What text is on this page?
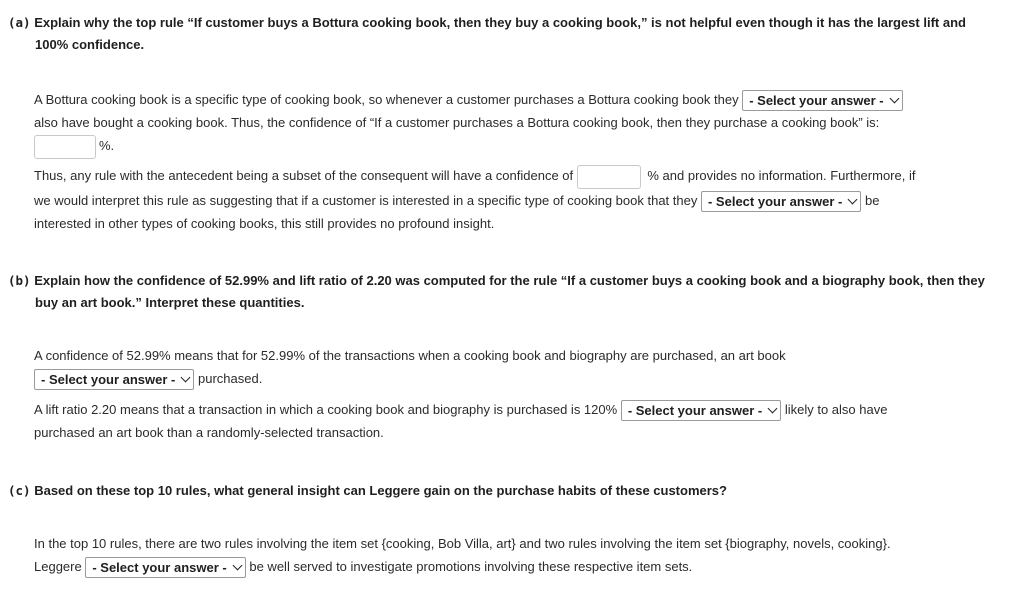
(a) Explain why the top rule “If customer buys a Bottura cooking book, then they buy a cooking book,” is not helpful even though it has the largest lift and
100% confidence.
A Bottura cooking book is a specific type of cooking book, so whenever a customer purchases a Bottura cooking book they - Select your answer -
also have bought a cooking book. Thus, the confidence of “If a customer purchases a Bottura cooking book, then they purchase a cooking book” is:
%.
Thus, any rule with the antecedent being a subset of the consequent will have a confidence of	% and provides no information. Furthermore, if
we would interpret this rule as suggesting that if a customer is interested in a specific type of cooking book that they - Select your answer - be
interested in other types of cooking books, this still provides no profound insight.
(b) Explain how the confidence of 52.99% and lift ratio of 2.20 was computed for the rule “If a customer buys a cooking book and a biography book, then they
buy an art book.” Interpret these quantities.
A confidence of 52.99% means that for 52.99% of the transactions when a cooking book and biography are purchased, an art book
- Select your answer - purchased.
A lift ratio 2.20 means that a transaction in which a cooking book and biography is purchased is 120% - Select your answer - likely to also have
purchased an art book than a randomly-selected transaction.
(c) Based on these top 10 rules, what general insight can Leggere gain on the purchase habits of these customers?
In the top 10 rules, there are two rules involving the item set {cooking, Bob Villa, art} and two rules involving the item set {biography, novels, cooking}.
Leggere - Select your answer - be well served to investigate promotions involving these respective item sets.
